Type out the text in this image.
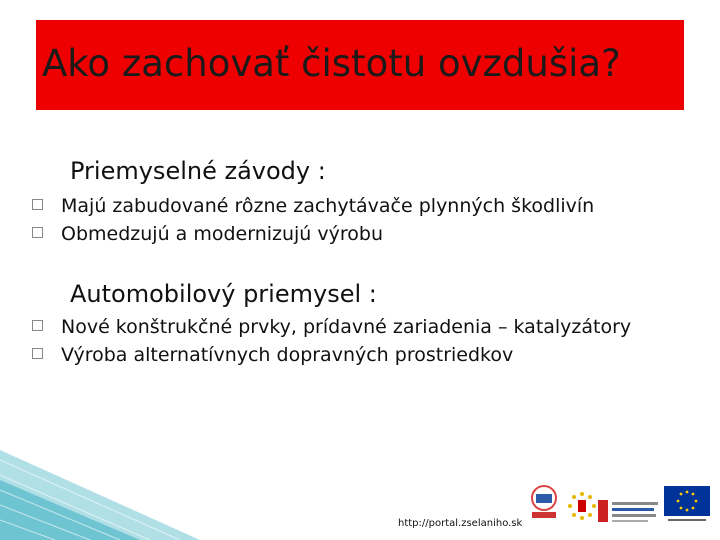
Ako zachovať čistotu ovzdušia?
Priemyselné závody :
Majú zabudované rôzne zachytávače plynných škodlivín
Obmedzujú a modernizujú výrobu
Automobilový priemysel :
Nové konštrukčné prvky, prídavné zariadenia – katalyzátory
Výroba alternatívnych dopravných prostriedkov
http://portal.zselaniho.sk
